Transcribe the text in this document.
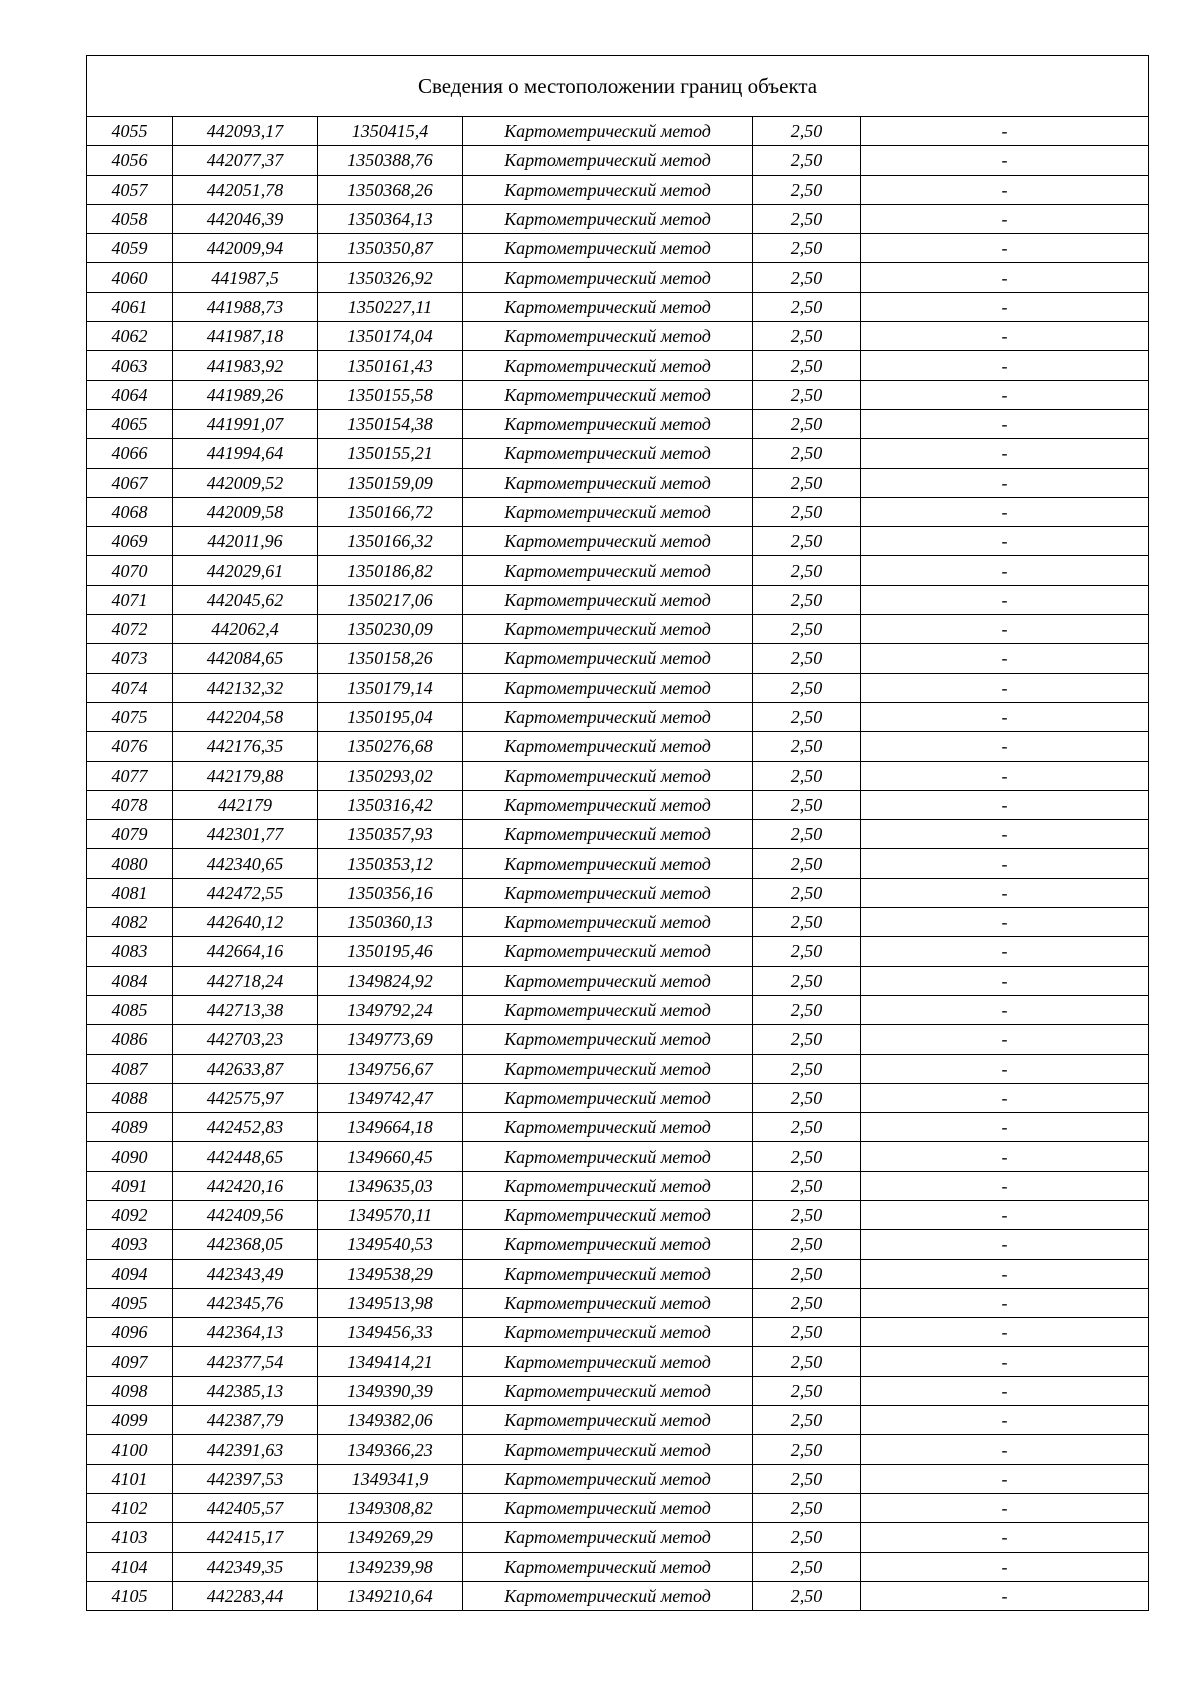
Сведения о местоположении границ объекта					
4055	442093,17	1350415,4	Картометрический метод	2,50	-
4056	442077,37	1350388,76	Картометрический метод	2,50	-
4057	442051,78	1350368,26	Картометрический метод	2,50	-
4058	442046,39	1350364,13	Картометрический метод	2,50	-
4059	442009,94	1350350,87	Картометрический метод	2,50	-
4060	441987,5	1350326,92	Картометрический метод	2,50	-
4061	441988,73	1350227,11	Картометрический метод	2,50	-
4062	441987,18	1350174,04	Картометрический метод	2,50	-
4063	441983,92	1350161,43	Картометрический метод	2,50	-
4064	441989,26	1350155,58	Картометрический метод	2,50	-
4065	441991,07	1350154,38	Картометрический метод	2,50	-
4066	441994,64	1350155,21	Картометрический метод	2,50	-
4067	442009,52	1350159,09	Картометрический метод	2,50	-
4068	442009,58	1350166,72	Картометрический метод	2,50	-
4069	442011,96	1350166,32	Картометрический метод	2,50	-
4070	442029,61	1350186,82	Картометрический метод	2,50	-
4071	442045,62	1350217,06	Картометрический метод	2,50	-
4072	442062,4	1350230,09	Картометрический метод	2,50	-
4073	442084,65	1350158,26	Картометрический метод	2,50	-
4074	442132,32	1350179,14	Картометрический метод	2,50	-
4075	442204,58	1350195,04	Картометрический метод	2,50	-
4076	442176,35	1350276,68	Картометрический метод	2,50	-
4077	442179,88	1350293,02	Картометрический метод	2,50	-
4078	442179	1350316,42	Картометрический метод	2,50	-
4079	442301,77	1350357,93	Картометрический метод	2,50	-
4080	442340,65	1350353,12	Картометрический метод	2,50	-
4081	442472,55	1350356,16	Картометрический метод	2,50	-
4082	442640,12	1350360,13	Картометрический метод	2,50	-
4083	442664,16	1350195,46	Картометрический метод	2,50	-
4084	442718,24	1349824,92	Картометрический метод	2,50	-
4085	442713,38	1349792,24	Картометрический метод	2,50	-
4086	442703,23	1349773,69	Картометрический метод	2,50	-
4087	442633,87	1349756,67	Картометрический метод	2,50	-
4088	442575,97	1349742,47	Картометрический метод	2,50	-
4089	442452,83	1349664,18	Картометрический метод	2,50	-
4090	442448,65	1349660,45	Картометрический метод	2,50	-
4091	442420,16	1349635,03	Картометрический метод	2,50	-
4092	442409,56	1349570,11	Картометрический метод	2,50	-
4093	442368,05	1349540,53	Картометрический метод	2,50	-
4094	442343,49	1349538,29	Картометрический метод	2,50	-
4095	442345,76	1349513,98	Картометрический метод	2,50	-
4096	442364,13	1349456,33	Картометрический метод	2,50	-
4097	442377,54	1349414,21	Картометрический метод	2,50	-
4098	442385,13	1349390,39	Картометрический метод	2,50	-
4099	442387,79	1349382,06	Картометрический метод	2,50	-
4100	442391,63	1349366,23	Картометрический метод	2,50	-
4101	442397,53	1349341,9	Картометрический метод	2,50	-
4102	442405,57	1349308,82	Картометрический метод	2,50	-
4103	442415,17	1349269,29	Картометрический метод	2,50	-
4104	442349,35	1349239,98	Картометрический метод	2,50	-
4105	442283,44	1349210,64	Картометрический метод	2,50	-
